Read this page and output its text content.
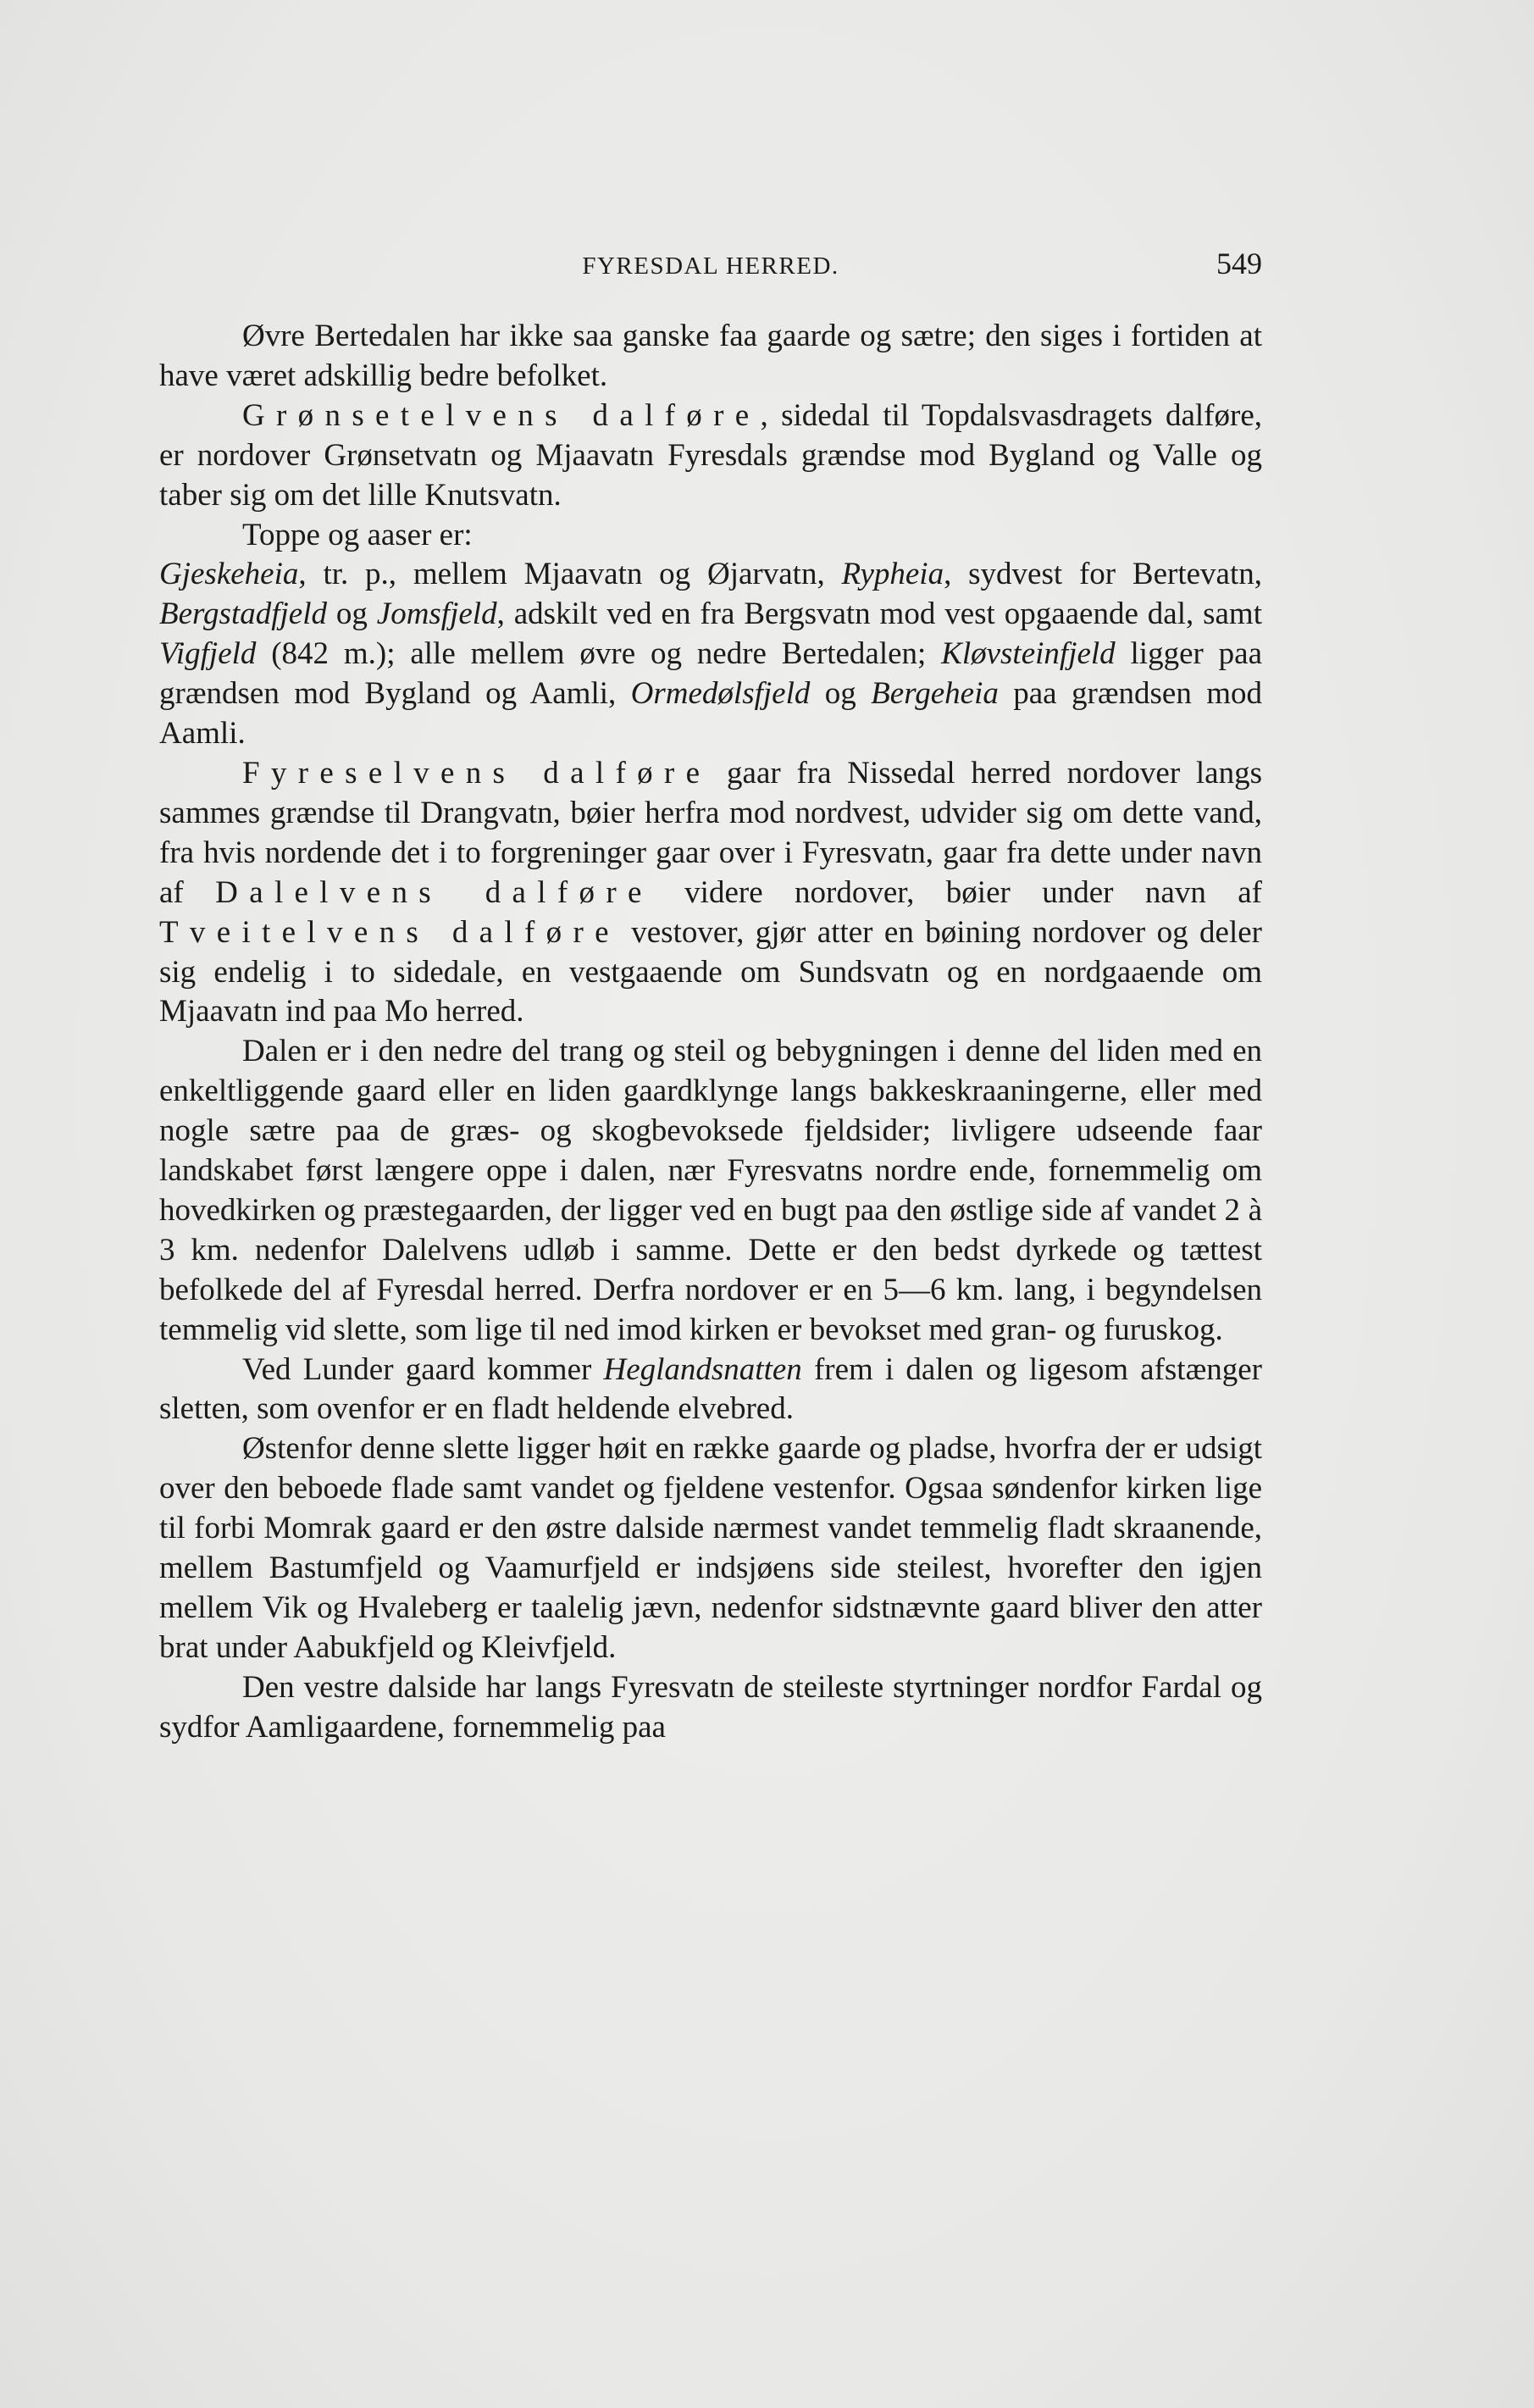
FYRESDAL HERRED.	549

Øvre Bertedalen har ikke saa ganske faa gaarde og sætre; den siges i fortiden at have været adskillig bedre befolket.

Grønsetelvens dalføre, sidedal til Topdalsvasdragets dalføre, er nordover Grønsetvatn og Mjaavatn Fyresdals grændse mod Bygland og Valle og taber sig om det lille Knutsvatn.

Toppe og aaser er:

Gjeskeheia, tr. p., mellem Mjaavatn og Øjarvatn, Rypheia, sydvest for Bertevatn, Bergstadfjeld og Jomsfjeld, adskilt ved en fra Bergsvatn mod vest opgaaende dal, samt Vigfjeld (842 m.); alle mellem øvre og nedre Bertedalen; Kløvsteinfjeld ligger paa grændsen mod Bygland og Aamli, Ormedølsfjeld og Bergeheia paa grændsen mod Aamli.

Fyreselvens dalføre gaar fra Nissedal herred nordover langs sammes grændse til Drangvatn, bøier herfra mod nordvest, udvider sig om dette vand, fra hvis nordende det i to forgreninger gaar over i Fyresvatn, gaar fra dette under navn af Dalelvens dalføre videre nordover, bøier under navn af Tveitelvens dalføre vestover, gjør atter en bøining nordover og deler sig endelig i to sidedale, en vestgaaende om Sundsvatn og en nordgaaende om Mjaavatn ind paa Mo herred.

Dalen er i den nedre del trang og steil og bebygningen i denne del liden med en enkeltliggende gaard eller en liden gaardklynge langs bakkeskraaningerne, eller med nogle sætre paa de græs- og skogbevoksede fjeldsider; livligere udseende faar landskabet først længere oppe i dalen, nær Fyresvatns nordre ende, fornemmelig om hovedkirken og præstegaarden, der ligger ved en bugt paa den østlige side af vandet 2 à 3 km. nedenfor Dalelvens udløb i samme. Dette er den bedst dyrkede og tættest befolkede del af Fyresdal herred. Derfra nordover er en 5—6 km. lang, i begyndelsen temmelig vid slette, som lige til ned imod kirken er bevokset med gran- og furuskog.

Ved Lunder gaard kommer Heglandsnatten frem i dalen og ligesom afstænger sletten, som ovenfor er en fladt heldende elvebred.

Østenfor denne slette ligger høit en række gaarde og pladse, hvorfra der er udsigt over den beboede flade samt vandet og fjeldene vestenfor. Ogsaa søndenfor kirken lige til forbi Momrak gaard er den østre dalside nærmest vandet temmelig fladt skraanende, mellem Bastumfjeld og Vaamurfjeld er indsjøens side steilest, hvorefter den igjen mellem Vik og Hvaleberg er taalelig jævn, nedenfor sidstnævnte gaard bliver den atter brat under Aabukfjeld og Kleivfjeld.

Den vestre dalside har langs Fyresvatn de steileste styrtninger nordfor Fardal og sydfor Aamligaardene, fornemmelig paa
